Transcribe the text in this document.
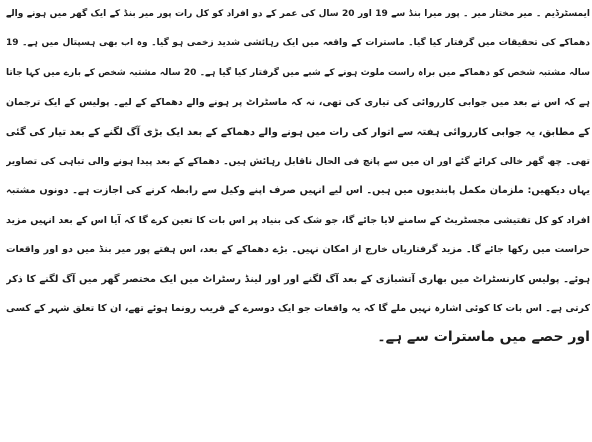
ایمسٹرڈیم ۔ میر مختار میر ۔ پور میرا بنڈ سے 19 اور 20 سال کی عمر کے دو افراد کو کل رات پور میر بنڈ کے ایک گھر میں ہونے والے
دھماکے کی تحقیقات میں گرفتار کیا گیا۔ ماسترات کے واقعہ میں ایک رہائشی شدید زخمی ہو گیا۔ وہ اب بھی ہسپتال میں ہے۔ 19
سالہ مشتبہ شخص کو دھماکے میں براہ راست ملوث ہونے کے شبے میں گرفتار کیا گیا ہے۔ 20 سالہ مشتبہ شخص کے بارے میں کہا جاتا
ہے کہ اس نے بعد میں جوابی کارروائی کی تیاری کی تھی، نہ کہ ماسٹراٹ پر ہونے والے دھماکے کے لیے۔ پولیس کے ایک ترجمان
کے مطابق، یہ جوابی کارروائی ہفتہ سے اتوار کی رات میں ہونے والے دھماکے کے بعد ایک بڑی آگ لگنے کے بعد تیار کی گئی
تھی۔ چھ گھر خالی کرائے گئے اور ان میں سے پانچ فی الحال ناقابل رہائش ہیں۔ دھماکے کے بعد پیدا ہونے والی تباہی کی تصاویر
یہاں دیکھیں: ملزمان مکمل پابندیوں میں ہیں۔ اس لیے انہیں صرف اپنے وکیل سے رابطہ کرنے کی اجازت ہے۔ دونوں مشتبہ
افراد کو کل تفتیشی مجسٹریٹ کے سامنے لایا جائے گا، جو شک کی بنیاد پر اس بات کا تعین کرے گا کہ آیا اس کے بعد انہیں مزید
حراست میں رکھا جائے گا۔ مزید گرفتاریاں خارج از امکان نہیں۔ بڑے دھماکے کے بعد، اس ہفتے پور میر بنڈ میں دو اور واقعات
ہوئے۔ پولیس کارنسٹراٹ میں بھاری آتشبازی کے بعد آگ لگنے اور اور لینڈ رسٹراٹ میں ایک مختصر گھر میں آگ لگنے کا ذکر
کرتی ہے۔ اس بات کا کوئی اشارہ نہیں ملے گا کہ یہ واقعات جو ایک دوسرے کے قریب رونما ہوئے تھے، ان کا تعلق شہر کے کسی
اور حصے میں ماسترات سے ہے۔
